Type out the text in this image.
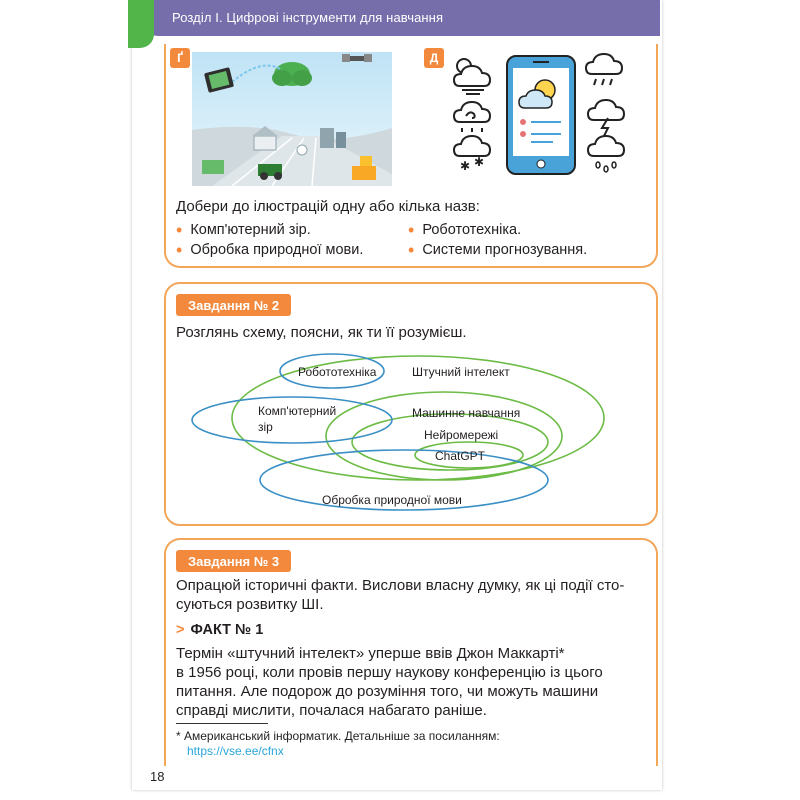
Розділ І. Цифрові інструменти для навчання
Ґ	Д
✱ ✱
Добери до ілюстрацій одну або кілька назв:
• Комп'ютерний зір.
• Обробка природної мови.
• Робототехніка.
• Системи прогнозування.
Завдання № 2
Розглянь схему, поясни, як ти її розумієш.
Робототехніка	Штучний інтелект
Комп'ютерний
зір
Машинне навчання
Нейромережі
ChatGPT
Обробка природної мови
Завдання № 3
Опрацюй історичні факти. Вислови власну думку, як ці події сто-
суються розвитку ШІ.
> ФАКТ № 1
Термін «штучний інтелект» уперше ввів Джон Маккарті*
в 1956 році, коли провів першу наукову конференцію із цього
питання. Але подорож до розуміння того, чи можуть машини
справді мислити, почалася набагато раніше.
* Американський інформатик. Детальніше за посиланням:
https://vse.ee/cfnx
18
